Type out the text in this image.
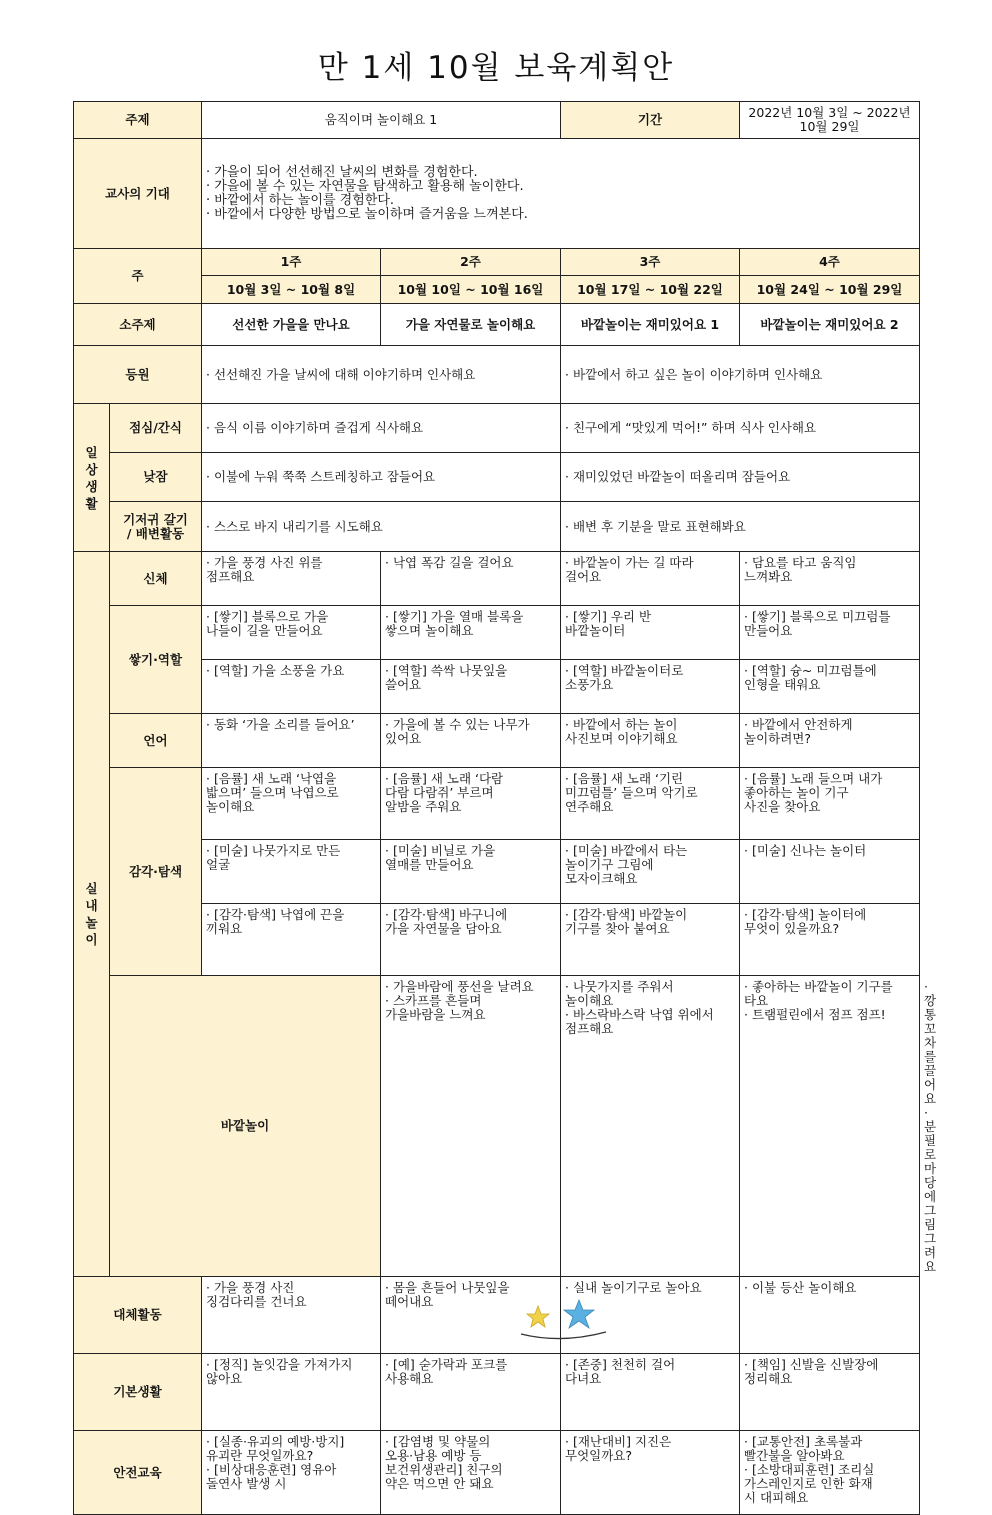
만 1세 10월 보육계획안
주제		움직이며 놀이해요 1		기간	2022년 10월 3일 ~ 2022년 10월 29일	
교사의 기대		· 가을이 되어 선선해진 날씨의 변화를 경험한다.
· 가을에 볼 수 있는 자연물을 탐색하고 활용해 놀이한다.
· 바깥에서 하는 놀이를 경험한다.
· 바깥에서 다양한 방법으로 놀이하며 즐거움을 느껴본다.				

주		1주	2주	3주	4주	
		10월 3일 ~ 10월 8일	10월 10일 ~ 10월 16일	10월 17일 ~ 10월 22일	10월 24일 ~ 10월 29일	
소주제		선선한 가을을 만나요	가을 자연물로 놀이해요	바깥놀이는 재미있어요 1	바깥놀이는 재미있어요 2	
등원		· 선선해진 가을 날씨에 대해 이야기하며 인사해요		· 바깥에서 하고 싶은 놀이 이야기하며 인사해요		
일
상
생
활	점심/간식	· 음식 이름 이야기하며 즐겁게 식사해요		· 친구에게 “맛있게 먹어!” 하며 식사 인사해요		
	낮잠	· 이불에 누워 쭉쭉 스트레칭하고 잠들어요		· 재미있었던 바깥놀이 떠올리며 잠들어요		

	기저귀 갈기
/ 배변활동	· 스스로 바지 내리기를 시도해요		· 배변 후 기분을 말로 표현해봐요		
실
내
놀
이	신체	· 가을 풍경 사진 위를
점프해요	· 낙엽 폭감 길을 걸어요	· 바깥놀이 가는 길 따라
걸어요	· 담요를 타고 움직임
느껴봐요	

	쌓기·역할	· [쌓기] 블록으로 가을
나들이 길을 만들어요	· [쌓기] 가을 열매 블록을
쌓으며 놀이해요	· [쌓기] 우리 반
바깥놀이터	· [쌓기] 블록으로 미끄럼틀
만들어요	

		· [역할] 가을 소풍을 가요	· [역할] 쓱싹 나뭇잎을
쓸어요	· [역할] 바깥놀이터로
소풍가요	· [역할] 슝~ 미끄럼틀에
인형을 태워요	

	언어	· 동화 ‘가을 소리를 들어요’	· 가을에 볼 수 있는 나무가
있어요	· 바깥에서 하는 놀이
사진보며 이야기해요	· 바깥에서 안전하게
놀이하려면?	

	감각·탐색	· [음률] 새 노래 ‘낙엽을
밟으며’ 들으며 낙엽으로
놀이해요	· [음률] 새 노래 ‘다람
다람 다람쥐’ 부르며
알밤을 주워요	· [음률] 새 노래 ‘기린
미끄럼틀’ 들으며 악기로
연주해요	· [음률] 노래 들으며 내가
좋아하는 놀이 기구
사진을 찾아요	

		· [미술] 나뭇가지로 만든
얼굴	· [미술] 비닐로 가을
열매를 만들어요	· [미술] 바깥에서 타는
놀이기구 그림에
모자이크해요	· [미술] 신나는 놀이터	

		· [감각·탐색] 낙엽에 끈을
끼워요	· [감각·탐색] 바구니에
가을 자연물을 담아요	· [감각·탐색] 바깥놀이
기구를 찾아 붙여요	· [감각·탐색] 놀이터에
무엇이 있을까요?	

	바깥놀이		· 가을바람에 풍선을 날려요
· 스카프를 흔들며
가을바람을 느껴요	· 나뭇가지를 주워서
놀이해요
· 바스락바스락 낙엽 위에서
점프해요	· 좋아하는 바깥놀이 기구를
타요
· 트램펄린에서 점프 점프!	· 깡통 꼬차를 끌어요
· 분필로 마당에 그림
그려요

대체활동		· 가을 풍경 사진
징검다리를 건너요	· 몸을 흔들어 나뭇잎을
떼어내요	· 실내 놀이기구로 놀아요	· 이불 등산 놀이해요	

기본생활		· [정직] 놀잇감을 가져가지
않아요	· [예] 숟가락과 포크를
사용해요	· [존중] 천천히 걸어
다녀요	· [책임] 신발을 신발장에
정리해요	

안전교육		· [실종·유괴의 예방·방지]
유괴란 무엇일까요?
· [비상대응훈련] 영유아
돌연사 발생 시	· [감염병 및 약물의
오용·남용 예방 등
보건위생관리] 친구의
약은 먹으면 안 돼요	· [재난대비] 지진은
무엇일까요?	· [교통안전] 초록불과
빨간불을 알아봐요
· [소방대피훈련] 조리실
가스레인지로 인한 화재
시 대피해요	
